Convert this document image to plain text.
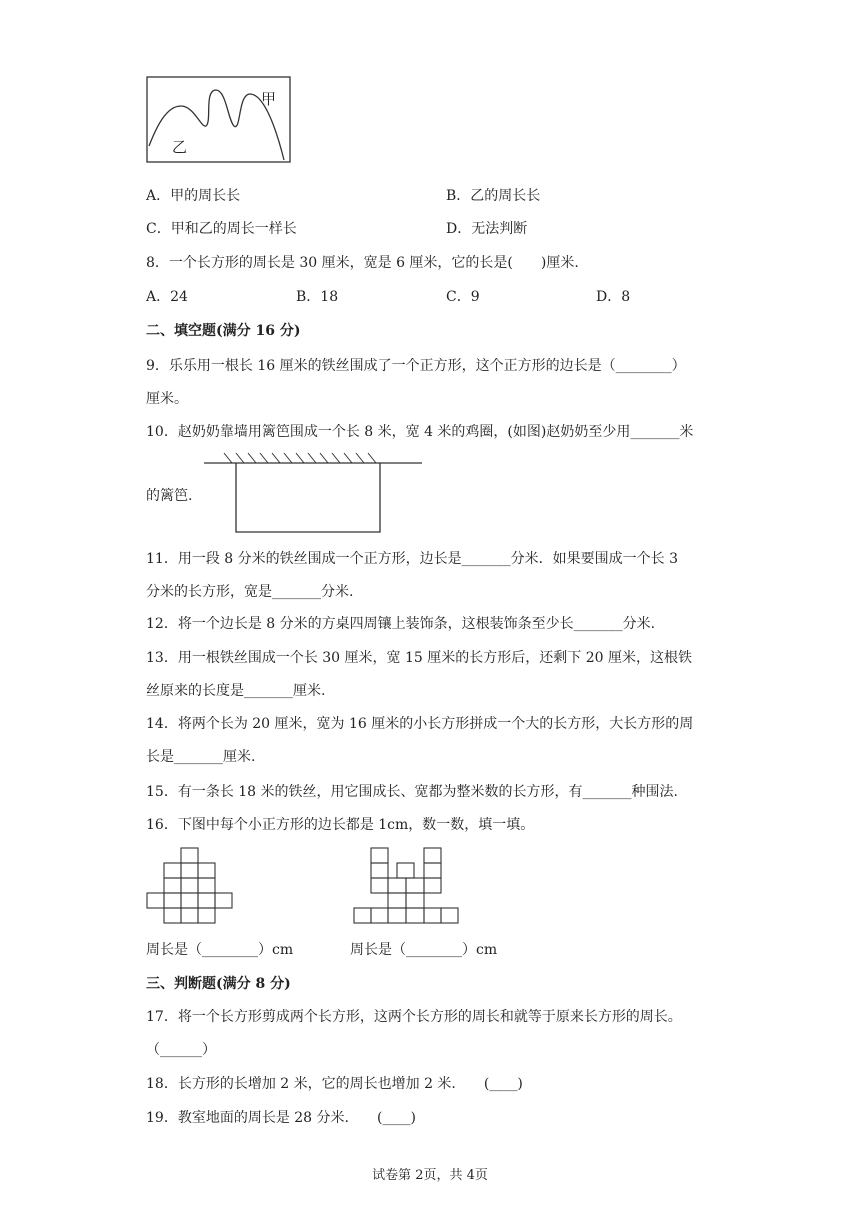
甲
乙
A．甲的周长长	B．乙的周长长
C．甲和乙的周长一样长	D．无法判断
8．一个长方形的周长是 30 厘米，宽是 6 厘米，它的长是(　　)厘米.
A．24	B．18	C．9	D．8
二、填空题(满分 16 分)
9．乐乐用一根长 16 厘米的铁丝围成了一个正方形，这个正方形的边长是（________）
厘米。
10．赵奶奶靠墙用篱笆围成一个长 8 米，宽 4 米的鸡圈，(如图)赵奶奶至少用_______米
的篱笆.
11．用一段 8 分米的铁丝围成一个正方形，边长是_______分米．如果要围成一个长 3
分米的长方形，宽是_______分米.
12．将一个边长是 8 分米的方桌四周镶上装饰条，这根装饰条至少长_______分米.
13．用一根铁丝围成一个长 30 厘米，宽 15 厘米的长方形后，还剩下 20 厘米，这根铁
丝原来的长度是_______厘米.
14．将两个长为 20 厘米，宽为 16 厘米的小长方形拼成一个大的长方形，大长方形的周
长是_______厘米.
15．有一条长 18 米的铁丝，用它围成长、宽都为整米数的长方形，有_______种围法.
16．下图中每个小正方形的边长都是 1cm，数一数，填一填。
周长是（________）cm	周长是（________）cm
三、判断题(满分 8 分)
17．将一个长方形剪成两个长方形，这两个长方形的周长和就等于原来长方形的周长。
（______）
18．长方形的长增加 2 米，它的周长也增加 2 米.　　(____)
19．教室地面的周长是 28 分米.　　(____)
试卷第 2页，共 4页
